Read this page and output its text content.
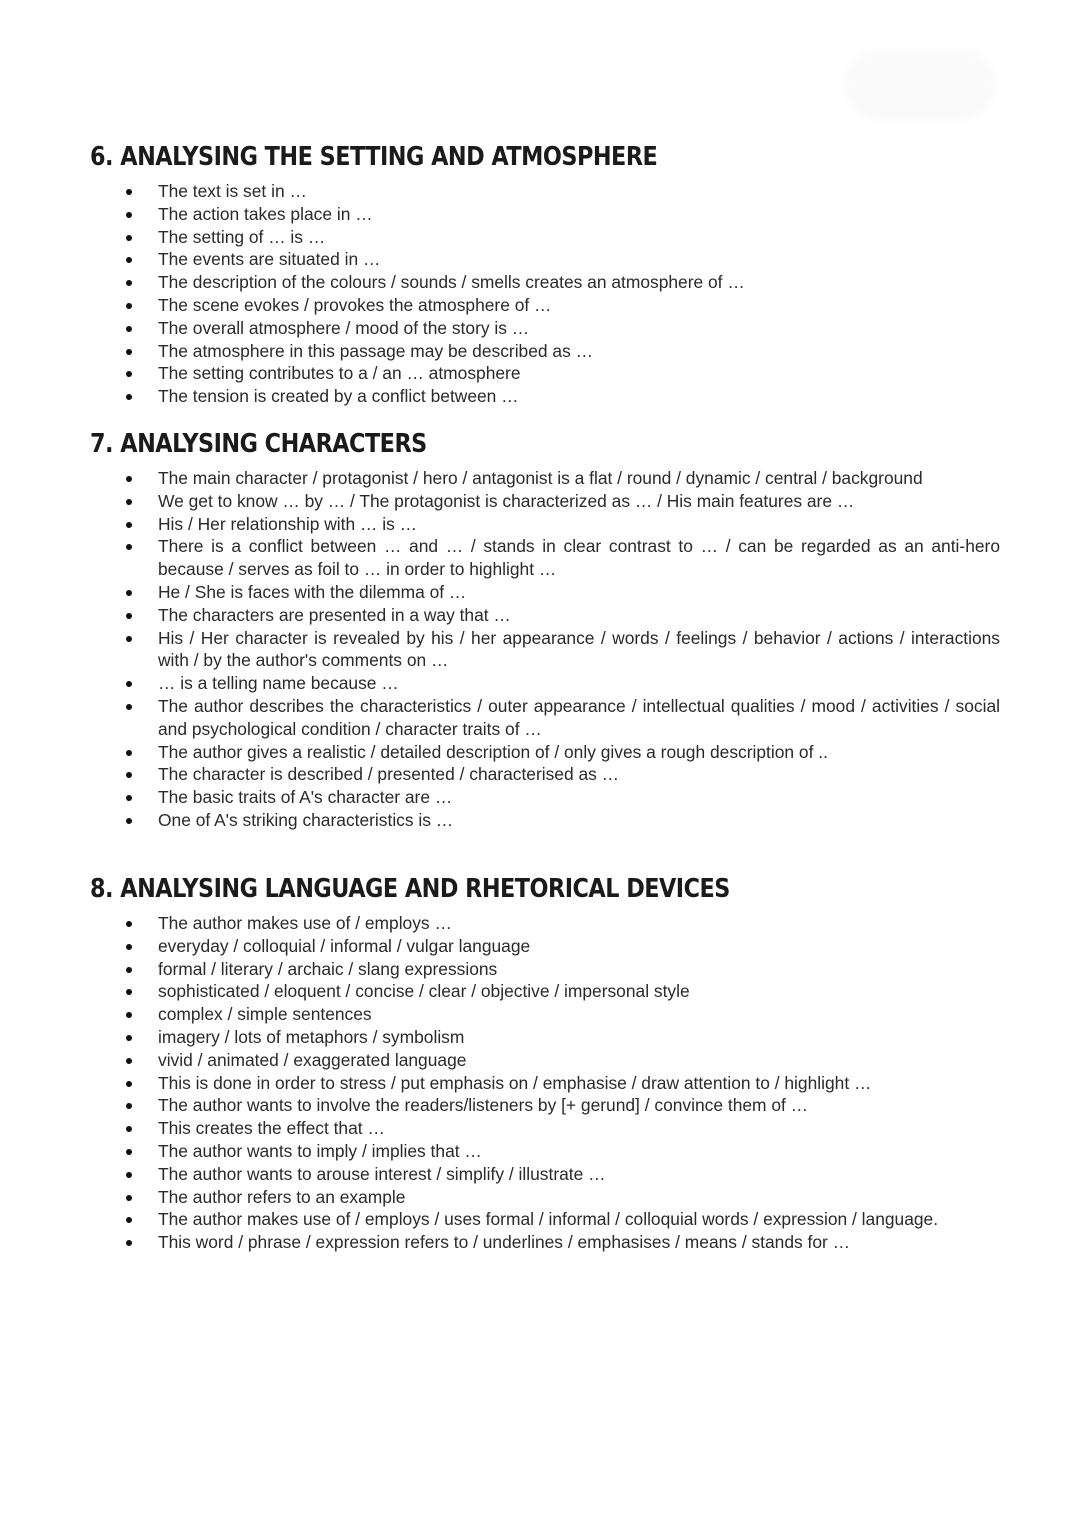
6. ANALYSING THE SETTING AND ATMOSPHERE
The text is set in …
The action takes place in …
The setting of … is …
The events are situated in …
The description of the colours / sounds / smells creates an atmosphere of …
The scene evokes / provokes the atmosphere of …
The overall atmosphere / mood of the story is …
The atmosphere in this passage may be described as …
The setting contributes to a / an … atmosphere
The tension is created by a conflict between …
7. ANALYSING CHARACTERS
The main character / protagonist / hero / antagonist is a flat / round / dynamic / central / background
We get to know … by … / The protagonist is characterized as … / His main features are …
His / Her relationship with … is …
There is a conflict between … and … / stands in clear contrast to … / can be regarded as an anti-hero because / serves as foil to … in order to highlight …
He / She is faces with the dilemma of …
The characters are presented in a way that …
His / Her character is revealed by his / her appearance / words / feelings / behavior / actions / interactions with / by the author's comments on …
… is a telling name because …
The author describes the characteristics / outer appearance / intellectual qualities / mood / activities / social and psychological condition / character traits of …
The author gives a realistic / detailed description of / only gives a rough description of ..
The character is described / presented / characterised as …
The basic traits of A's character are …
One of A's striking characteristics is …
8. ANALYSING LANGUAGE AND RHETORICAL DEVICES
The author makes use of / employs …
everyday / colloquial / informal / vulgar language
formal / literary / archaic / slang expressions
sophisticated / eloquent / concise / clear / objective / impersonal style
complex / simple sentences
imagery / lots of metaphors / symbolism
vivid / animated / exaggerated language
This is done in order to stress / put emphasis on / emphasise / draw attention to / highlight …
The author wants to involve the readers/listeners by [+ gerund] / convince them of …
This creates the effect that …
The author wants to imply / implies that …
The author wants to arouse interest / simplify / illustrate …
The author refers to an example
The author makes use of / employs / uses formal / informal / colloquial words / expression / language.
This word / phrase / expression refers to / underlines / emphasises / means / stands for …
